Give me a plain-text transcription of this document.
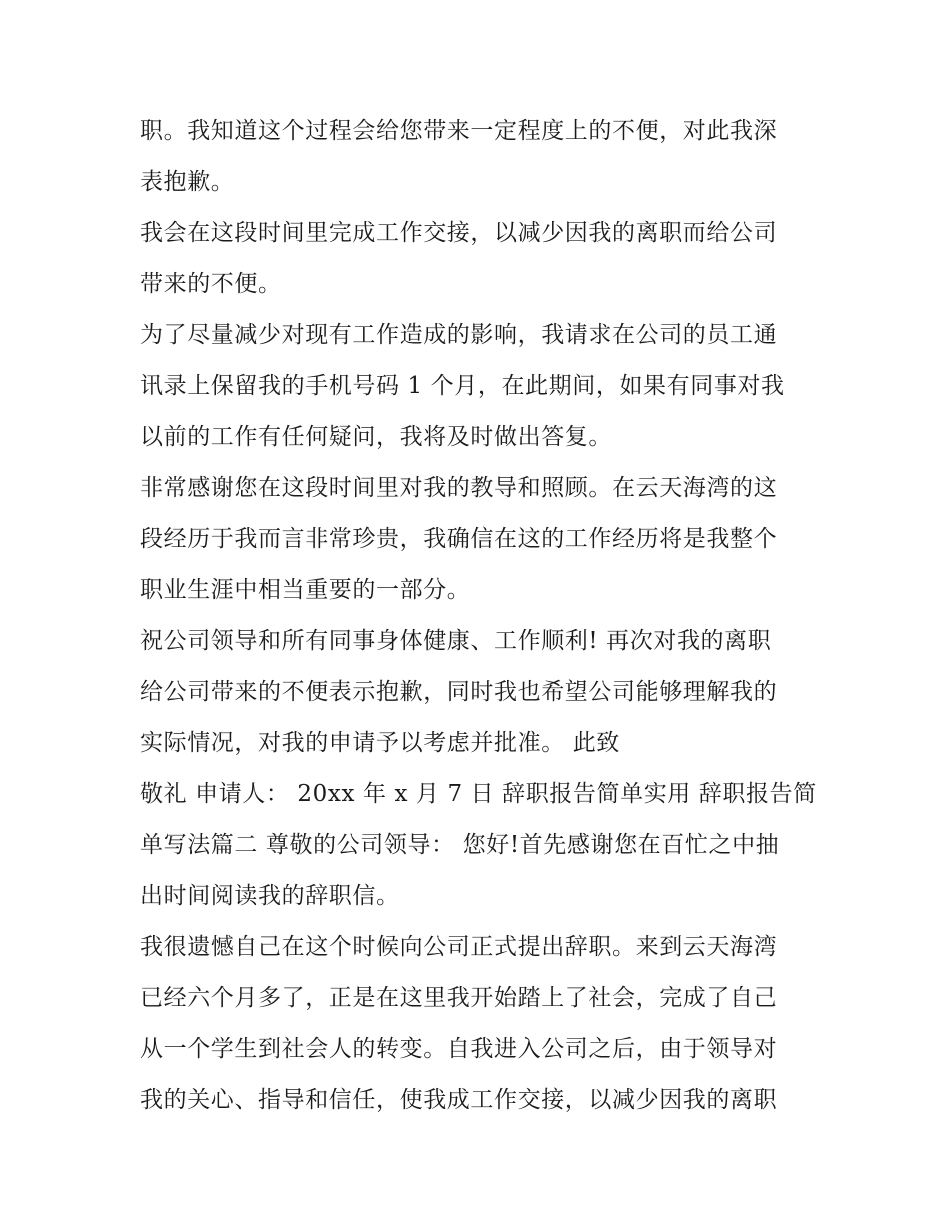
职。我知道这个过程会给您带来一定程度上的不便，对此我深
表抱歉。
我会在这段时间里完成工作交接，以减少因我的离职而给公司
带来的不便。
为了尽量减少对现有工作造成的影响，我请求在公司的员工通
讯录上保留我的手机号码 1 个月，在此期间，如果有同事对我
以前的工作有任何疑问，我将及时做出答复。
非常感谢您在这段时间里对我的教导和照顾。在云天海湾的这
段经历于我而言非常珍贵，我确信在这的工作经历将是我整个
职业生涯中相当重要的一部分。
祝公司领导和所有同事身体健康、工作顺利! 再次对我的离职
给公司带来的不便表示抱歉，同时我也希望公司能够理解我的
实际情况，对我的申请予以考虑并批准。 此致
敬礼 申请人： 20xx 年 x 月 7 日 辞职报告简单实用 辞职报告简
单写法篇二 尊敬的公司领导： 您好!首先感谢您在百忙之中抽
出时间阅读我的辞职信。
我很遗憾自己在这个时候向公司正式提出辞职。来到云天海湾
已经六个月多了，正是在这里我开始踏上了社会，完成了自己
从一个学生到社会人的转变。自我进入公司之后，由于领导对
我的关心、指导和信任，使我成工作交接，以减少因我的离职
